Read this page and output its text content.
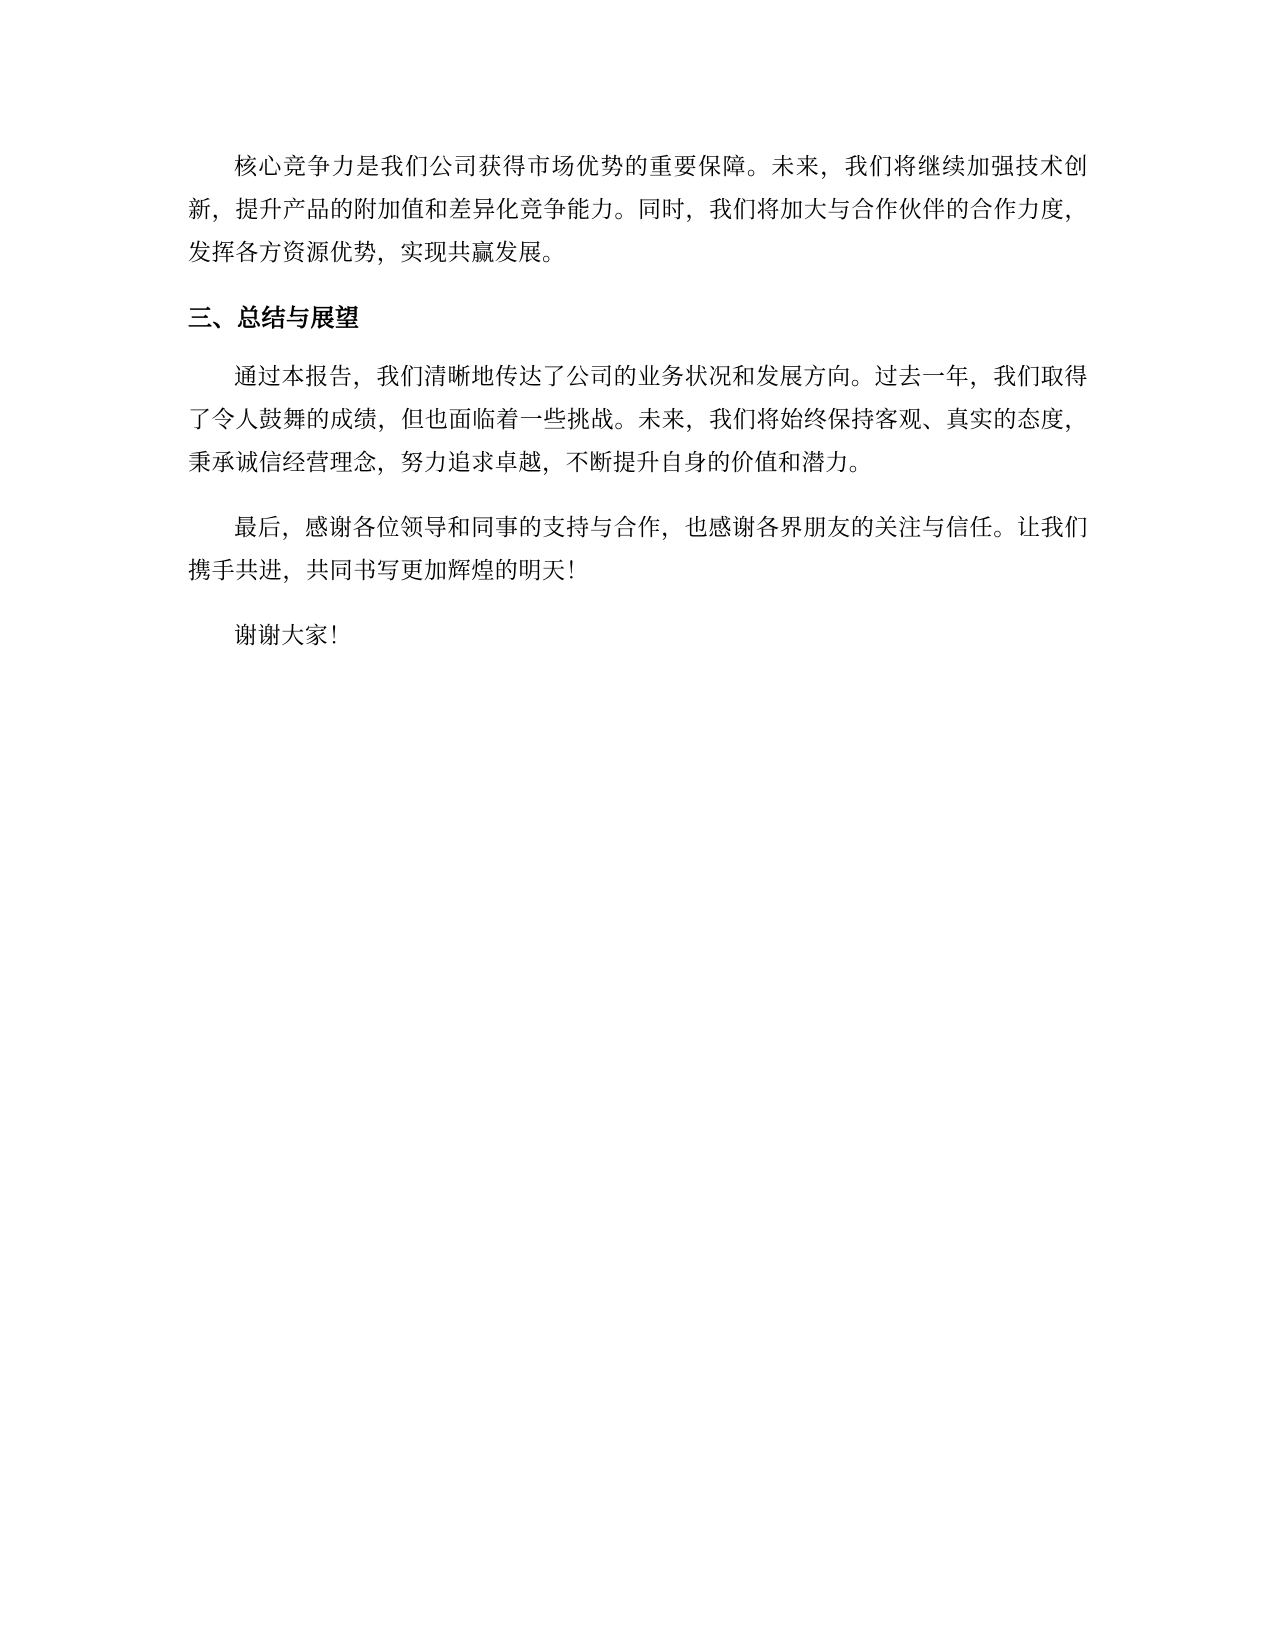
核心竞争力是我们公司获得市场优势的重要保障。未来，我们将继续加强技术创新，提升产品的附加值和差异化竞争能力。同时，我们将加大与合作伙伴的合作力度，发挥各方资源优势，实现共赢发展。

三、总结与展望

通过本报告，我们清晰地传达了公司的业务状况和发展方向。过去一年，我们取得了令人鼓舞的成绩，但也面临着一些挑战。未来，我们将始终保持客观、真实的态度，秉承诚信经营理念，努力追求卓越，不断提升自身的价值和潜力。

最后，感谢各位领导和同事的支持与合作，也感谢各界朋友的关注与信任。让我们携手共进，共同书写更加辉煌的明天！

谢谢大家！
